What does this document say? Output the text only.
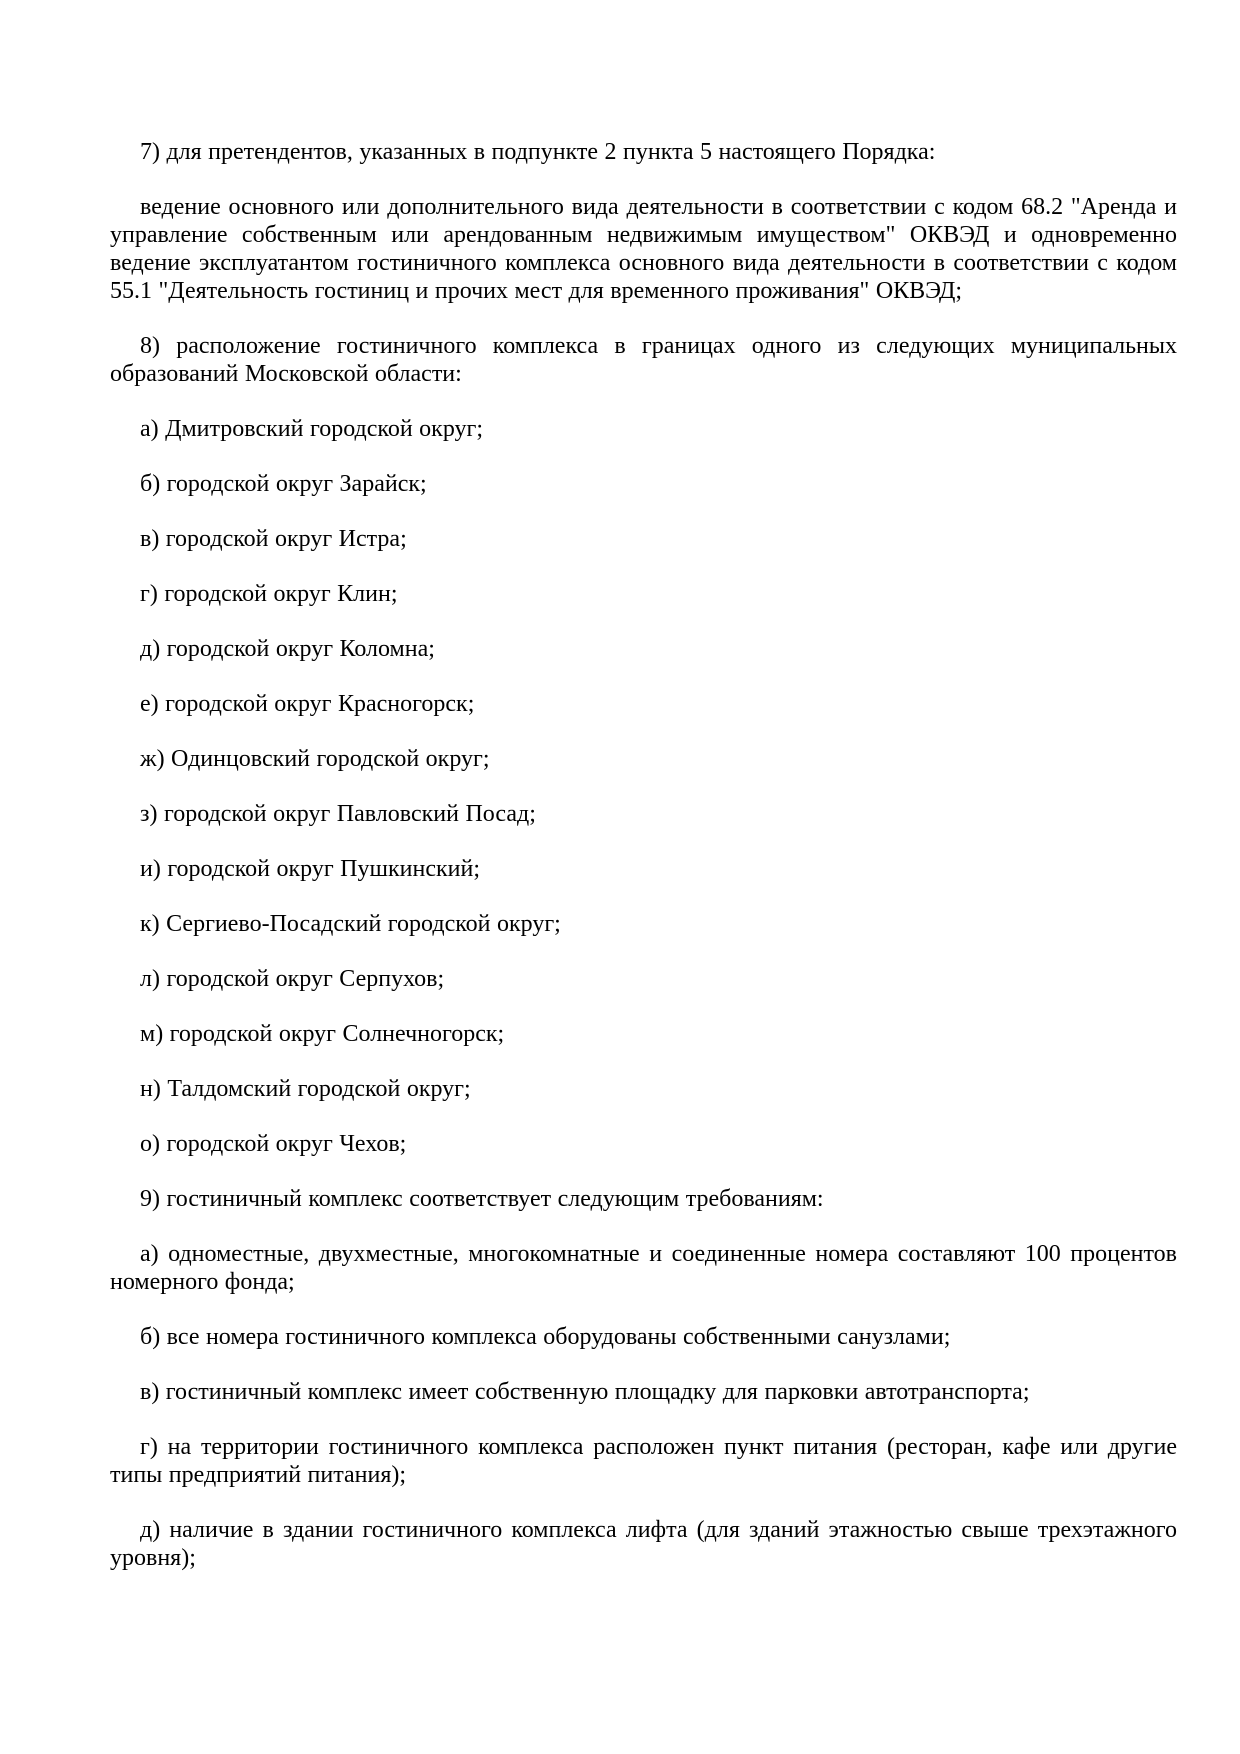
7) для претендентов, указанных в подпункте 2 пункта 5 настоящего Порядка:

ведение основного или дополнительного вида деятельности в соответствии с кодом 68.2 "Аренда и управление собственным или арендованным недвижимым имуществом" ОКВЭД и одновременно ведение эксплуатантом гостиничного комплекса основного вида деятельности в соответствии с кодом 55.1 "Деятельность гостиниц и прочих мест для временного проживания" ОКВЭД;

8) расположение гостиничного комплекса в границах одного из следующих муниципальных образований Московской области:

а) Дмитровский городской округ;

б) городской округ Зарайск;

в) городской округ Истра;

г) городской округ Клин;

д) городской округ Коломна;

е) городской округ Красногорск;

ж) Одинцовский городской округ;

з) городской округ Павловский Посад;

и) городской округ Пушкинский;

к) Сергиево-Посадский городской округ;

л) городской округ Серпухов;

м) городской округ Солнечногорск;

н) Талдомский городской округ;

о) городской округ Чехов;

9) гостиничный комплекс соответствует следующим требованиям:

а) одноместные, двухместные, многокомнатные и соединенные номера составляют 100 процентов номерного фонда;

б) все номера гостиничного комплекса оборудованы собственными санузлами;

в) гостиничный комплекс имеет собственную площадку для парковки автотранспорта;

г) на территории гостиничного комплекса расположен пункт питания (ресторан, кафе или другие типы предприятий питания);

д) наличие в здании гостиничного комплекса лифта (для зданий этажностью свыше трехэтажного уровня);
